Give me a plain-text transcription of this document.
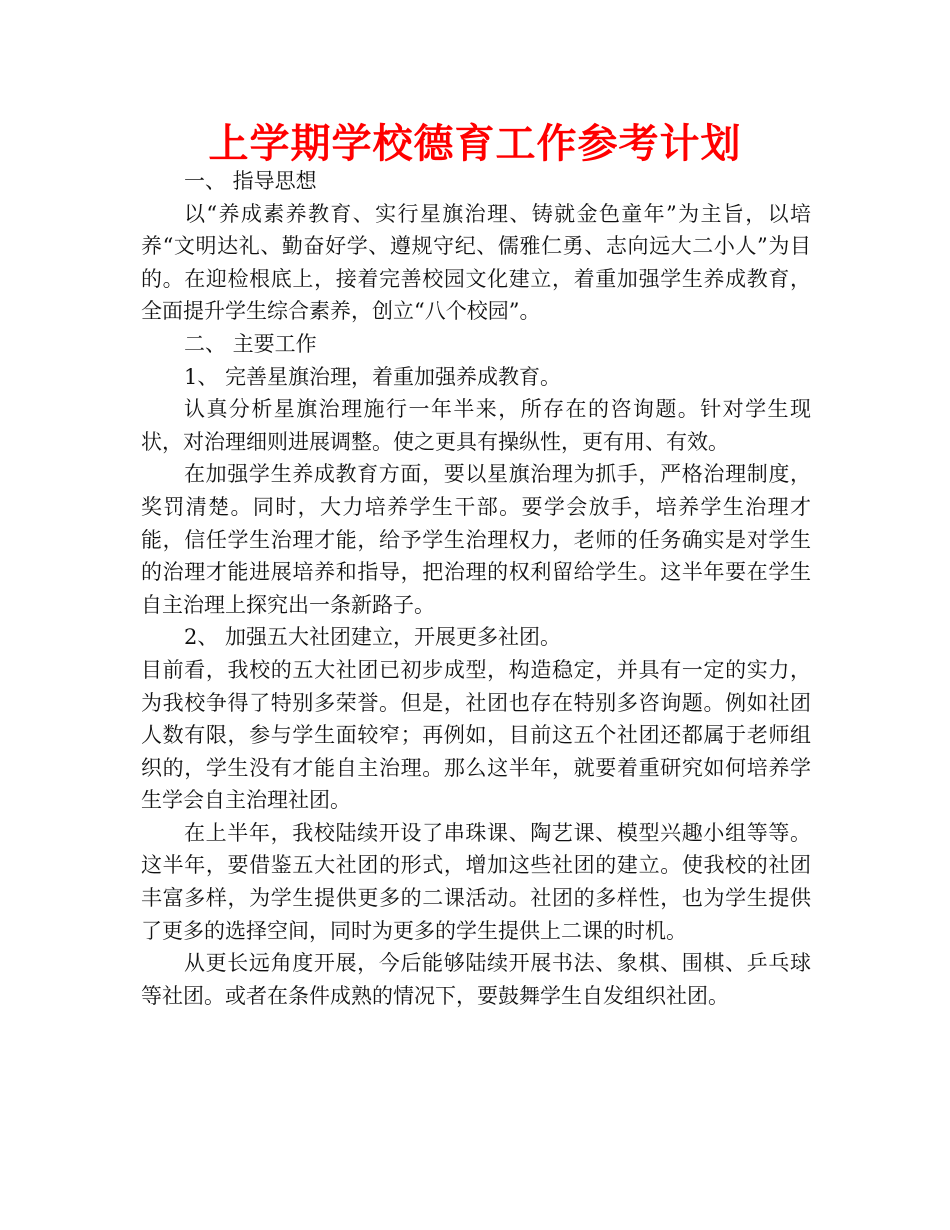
上学期学校德育工作参考计划

一、 指导思想

以“养成素养教育、实行星旗治理、铸就金色童年”为主旨，以培养“文明达礼、勤奋好学、遵规守纪、儒雅仁勇、志向远大二小人”为目的。在迎检根底上，接着完善校园文化建立，着重加强学生养成教育，全面提升学生综合素养，创立“八个校园”。

二、 主要工作

1、 完善星旗治理，着重加强养成教育。

认真分析星旗治理施行一年半来，所存在的咨询题。针对学生现状，对治理细则进展调整。使之更具有操纵性，更有用、有效。

在加强学生养成教育方面，要以星旗治理为抓手，严格治理制度，奖罚清楚。同时，大力培养学生干部。要学会放手，培养学生治理才能，信任学生治理才能，给予学生治理权力，老师的任务确实是对学生的治理才能进展培养和指导，把治理的权利留给学生。这半年要在学生自主治理上探究出一条新路子。

2、 加强五大社团建立，开展更多社团。

目前看，我校的五大社团已初步成型，构造稳定，并具有一定的实力，为我校争得了特别多荣誉。但是，社团也存在特别多咨询题。例如社团人数有限，参与学生面较窄；再例如，目前这五个社团还都属于老师组织的，学生没有才能自主治理。那么这半年，就要着重研究如何培养学生学会自主治理社团。

在上半年，我校陆续开设了串珠课、陶艺课、模型兴趣小组等等。这半年，要借鉴五大社团的形式，增加这些社团的建立。使我校的社团丰富多样，为学生提供更多的二课活动。社团的多样性，也为学生提供了更多的选择空间，同时为更多的学生提供上二课的时机。

从更长远角度开展，今后能够陆续开展书法、象棋、围棋、乒乓球等社团。或者在条件成熟的情况下，要鼓舞学生自发组织社团。
